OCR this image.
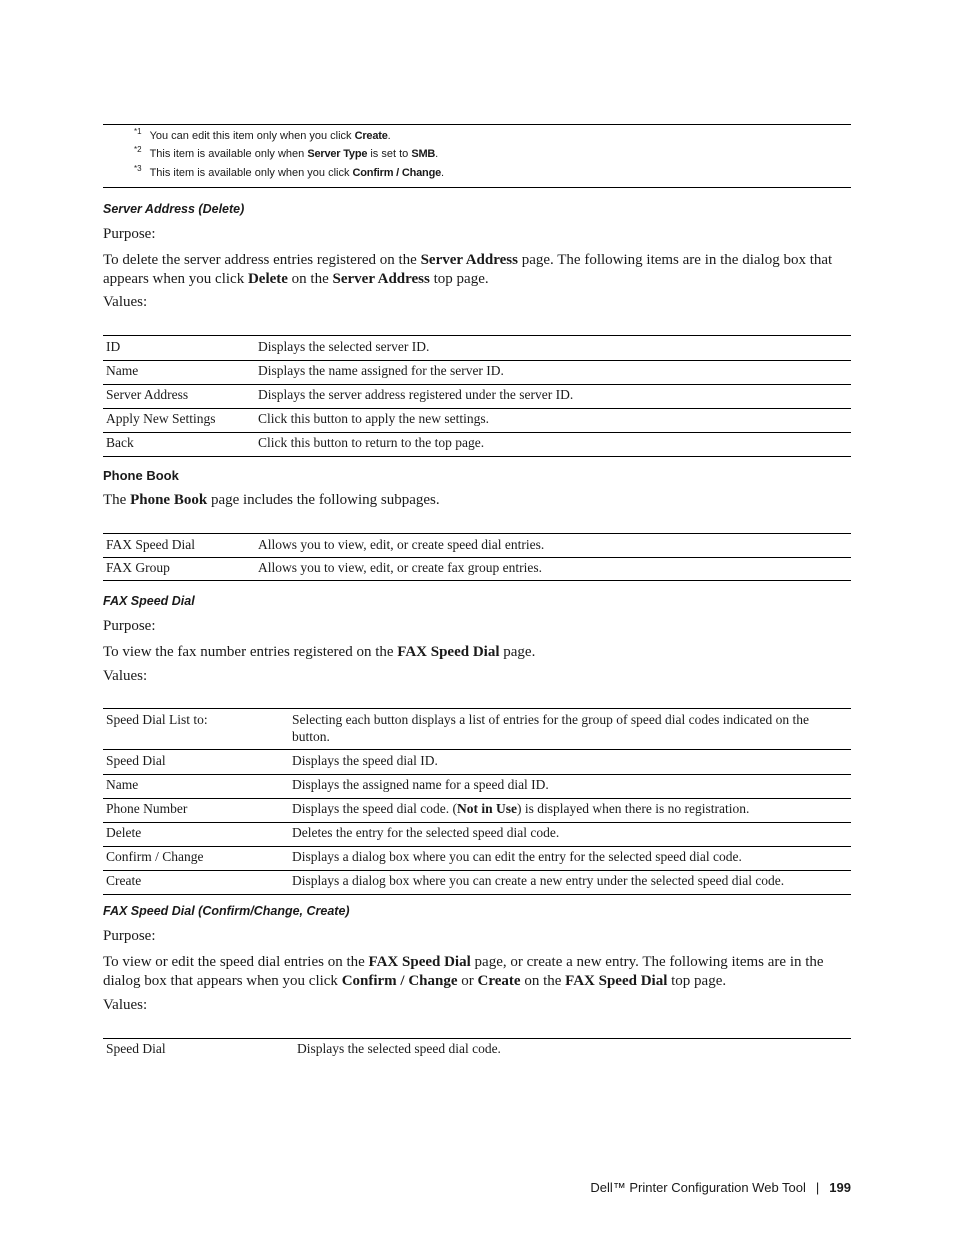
$^{*1}$ You can edit this item only when you click Create.
$^{*2}$ This item is available only when Server Type is set to SMB.
$^{*3}$ This item is available only when you click Confirm / Change.
Server Address (Delete)
Purpose:
To delete the server address entries registered on the Server Address page. The following items are in the dialog box that appears when you click Delete on the Server Address top page.
Values:
ID	Displays the selected server ID.
Name	Displays the name assigned for the server ID.
Server Address	Displays the server address registered under the server ID.
Apply New Settings	Click this button to apply the new settings.
Back	Click this button to return to the top page.
Phone Book
The Phone Book page includes the following subpages.
FAX Speed Dial	Allows you to view, edit, or create speed dial entries.
FAX Group	Allows you to view, edit, or create fax group entries.
FAX Speed Dial
Purpose:
To view the fax number entries registered on the FAX Speed Dial page.
Values:
Speed Dial List to:	Selecting each button displays a list of entries for the group of speed dial codes indicated on the button.
Speed Dial	Displays the speed dial ID.
Name	Displays the assigned name for a speed dial ID.
Phone Number	Displays the speed dial code. (Not in Use) is displayed when there is no registration.
Delete	Deletes the entry for the selected speed dial code.
Confirm / Change	Displays a dialog box where you can edit the entry for the selected speed dial code.
Create	Displays a dialog box where you can create a new entry under the selected speed dial code.
FAX Speed Dial (Confirm/Change, Create)
Purpose:
To view or edit the speed dial entries on the FAX Speed Dial page, or create a new entry. The following items are in the dialog box that appears when you click Confirm / Change or Create on the FAX Speed Dial top page.
Values:
Speed Dial	Displays the selected speed dial code.
Dell™ Printer Configuration Web Tool | 199
